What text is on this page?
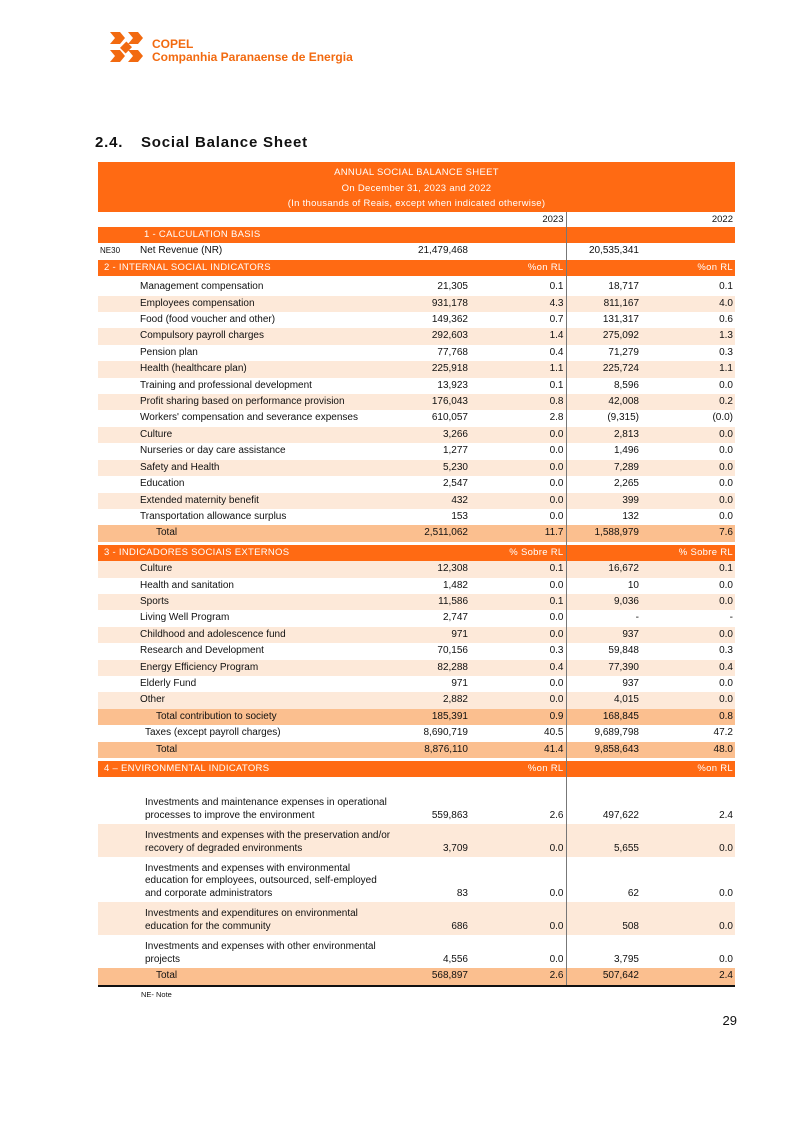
COPEL
Companhia Paranaense de Energia
2.4. Social Balance Sheet
ANNUAL SOCIAL BALANCE SHEET
On December 31, 2023 and 2022
(In thousands of Reais, except when indicated otherwise)
			2023		2022
1 - CALCULATION BASIS					
NE30	Net Revenue (NR)	21,479,468		20,535,341	
2 - INTERNAL SOCIAL INDICATORS			%on RL		%on RL

	Management compensation	21,305	0.1	18,717	0.1
	Employees compensation	931,178	4.3	811,167	4.0
	Food (food voucher and other)	149,362	0.7	131,317	0.6
	Compulsory payroll charges	292,603	1.4	275,092	1.3
	Pension plan	77,768	0.4	71,279	0.3
	Health (healthcare plan)	225,918	1.1	225,724	1.1
	Training and professional development	13,923	0.1	8,596	0.0
	Profit sharing based on performance provision	176,043	0.8	42,008	0.2
	Workers' compensation and severance expenses	610,057	2.8	(9,315)	(0.0)
	Culture	3,266	0.0	2,813	0.0
	Nurseries or day care assistance	1,277	0.0	1,496	0.0
	Safety and Health	5,230	0.0	7,289	0.0
	Education	2,547	0.0	2,265	0.0
	Extended maternity benefit	432	0.0	399	0.0
	Transportation allowance surplus	153	0.0	132	0.0
	Total	2,511,062	11.7	1,588,979	7.6

3 - INDICADORES SOCIAIS EXTERNOS			% Sobre RL		% Sobre RL
	Culture	12,308	0.1	16,672	0.1
	Health and sanitation	1,482	0.0	10	0.0
	Sports	11,586	0.1	9,036	0.0
	Living Well Program	2,747	0.0	-	-
	Childhood and adolescence fund	971	0.0	937	0.0
	Research and Development	70,156	0.3	59,848	0.3
	Energy Efficiency Program	82,288	0.4	77,390	0.4
	Elderly Fund	971	0.0	937	0.0
	Other	2,882	0.0	4,015	0.0
	Total contribution to society	185,391	0.9	168,845	0.8
	Taxes (except payroll charges)	8,690,719	40.5	9,689,798	47.2
	Total	8,876,110	41.4	9,858,643	48.0

4 – ENVIRONMENTAL INDICATORS			%on RL		%on RL

	Investments and maintenance expenses in operational processes to improve the environment	559,863	2.6	497,622	2.4
	Investments and expenses with the preservation and/or recovery of degraded environments	3,709	0.0	5,655	0.0
	Investments and expenses with environmental education for employees, outsourced, self-employed and corporate administrators	83	0.0	62	0.0
	Investments and expenditures on environmental education for the community	686	0.0	508	0.0
	Investments and expenses with other environmental projects	4,556	0.0	3,795	0.0
	Total	568,897	2.6	507,642	2.4

NE- Note
29
